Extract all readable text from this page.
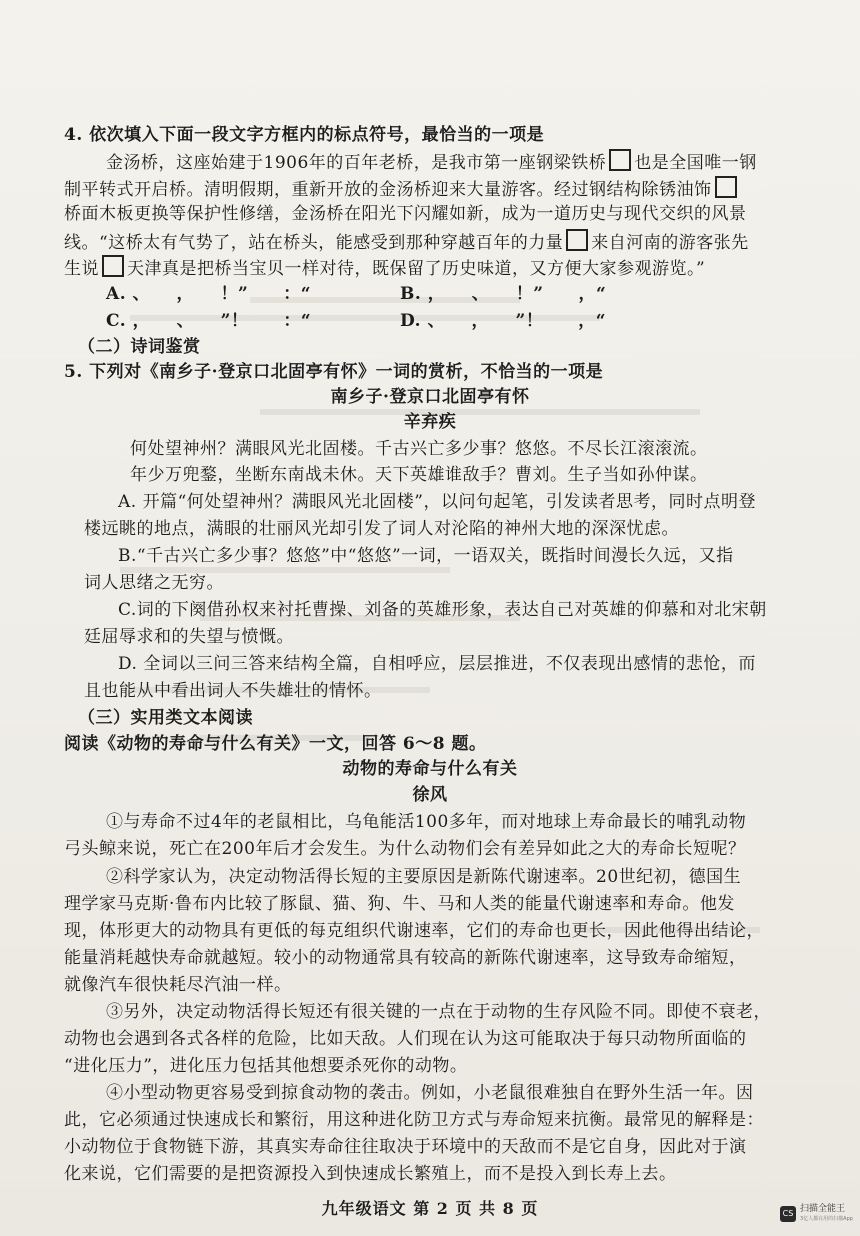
4. 依次填入下面一段文字方框内的标点符号，最恰当的一项是
金汤桥，这座始建于1906年的百年老桥，是我市第一座钢梁铁桥 也是全国唯一钢
制平转式开启桥。清明假期，重新开放的金汤桥迎来大量游客。经过钢结构除锈油饰
桥面木板更换等保护性修缮，金汤桥在阳光下闪耀如新，成为一道历史与现代交织的风景
线。“这桥太有气势了，站在桥头，能感受到那种穿越百年的力量 来自河南的游客张先
生说 天津真是把桥当宝贝一样对待，既保留了历史味道，又方便大家参观游览。”
A. 、　　，　　！”　　：“	B. ，　　、　　！”　　，“
C. ，　　、　　”！　　：“	D. 、　　，　　”！　　，“
（二）诗词鉴赏
5. 下列对《南乡子·登京口北固亭有怀》一词的赏析，不恰当的一项是
南乡子·登京口北固亭有怀
辛弃疾
何处望神州？满眼风光北固楼。千古兴亡多少事？悠悠。不尽长江滚滚流。
年少万兜鍪，坐断东南战未休。天下英雄谁敌手？曹刘。生子当如孙仲谋。
A. 开篇“何处望神州？满眼风光北固楼”，以问句起笔，引发读者思考，同时点明登
楼远眺的地点，满眼的壮丽风光却引发了词人对沦陷的神州大地的深深忧虑。
B.“千古兴亡多少事？悠悠”中“悠悠”一词，一语双关，既指时间漫长久远，又指
词人思绪之无穷。
C.词的下阕借孙权来衬托曹操、刘备的英雄形象，表达自己对英雄的仰慕和对北宋朝
廷屈辱求和的失望与愤慨。
D. 全词以三问三答来结构全篇，自相呼应，层层推进，不仅表现出感情的悲怆，而
且也能从中看出词人不失雄壮的情怀。
（三）实用类文本阅读
阅读《动物的寿命与什么有关》一文，回答 6～8 题。
动物的寿命与什么有关
徐风
①与寿命不过4年的老鼠相比，乌龟能活100多年，而对地球上寿命最长的哺乳动物
弓头鲸来说，死亡在200年后才会发生。为什么动物们会有差异如此之大的寿命长短呢？
②科学家认为，决定动物活得长短的主要原因是新陈代谢速率。20世纪初，德国生
理学家马克斯·鲁布内比较了豚鼠、猫、狗、牛、马和人类的能量代谢速率和寿命。他发
现，体形更大的动物具有更低的每克组织代谢速率，它们的寿命也更长，因此他得出结论，
能量消耗越快寿命就越短。较小的动物通常具有较高的新陈代谢速率，这导致寿命缩短，
就像汽车很快耗尽汽油一样。
③另外，决定动物活得长短还有很关键的一点在于动物的生存风险不同。即使不衰老，
动物也会遇到各式各样的危险，比如天敌。人们现在认为这可能取决于每只动物所面临的
“进化压力”，进化压力包括其他想要杀死你的动物。
④小型动物更容易受到掠食动物的袭击。例如，小老鼠很难独自在野外生活一年。因
此，它必须通过快速成长和繁衍，用这种进化防卫方式与寿命短来抗衡。最常见的解释是：
小动物位于食物链下游，其真实寿命往往取决于环境中的天敌而不是它自身，因此对于演
化来说，它们需要的是把资源投入到快速成长繁殖上，而不是投入到长寿上去。
九年级语文 第 2 页 共 8 页	CS 扫描全能王
3亿人都在用的扫描App
